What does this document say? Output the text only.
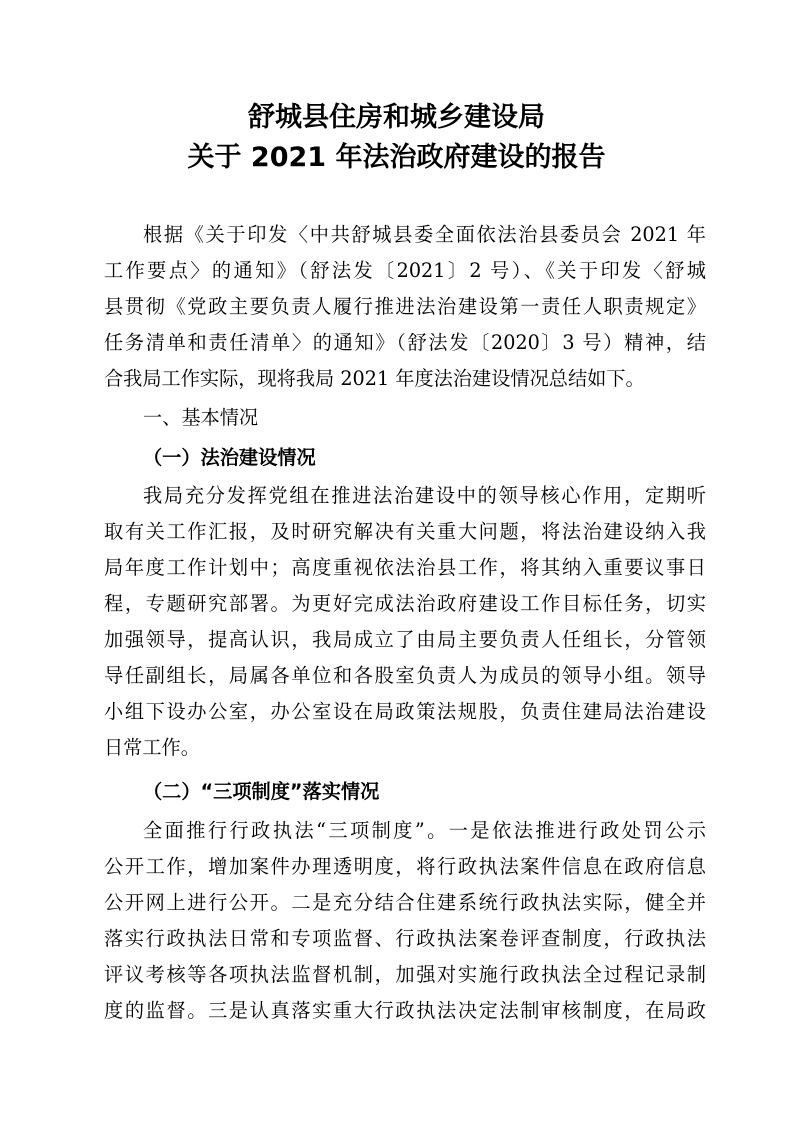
舒城县住房和城乡建设局
关于 2021 年法治政府建设的报告
根据《关于印发〈中共舒城县委全面依法治县委员会 2021 年
工作要点〉的通知》（舒法发〔2021〕2 号）、《关于印发〈舒城
县贯彻《党政主要负责人履行推进法治建设第一责任人职责规定》
任务清单和责任清单〉的通知》（舒法发〔2020〕3 号）精神，结
合我局工作实际，现将我局 2021 年度法治建设情况总结如下。
一、基本情况
（一）法治建设情况
我局充分发挥党组在推进法治建设中的领导核心作用，定期听
取有关工作汇报，及时研究解决有关重大问题，将法治建设纳入我
局年度工作计划中；高度重视依法治县工作，将其纳入重要议事日
程，专题研究部署。为更好完成法治政府建设工作目标任务，切实
加强领导，提高认识，我局成立了由局主要负责人任组长，分管领
导任副组长，局属各单位和各股室负责人为成员的领导小组。领导
小组下设办公室，办公室设在局政策法规股，负责住建局法治建设
日常工作。
（二）“三项制度”落实情况
全面推行行政执法“三项制度”。一是依法推进行政处罚公示
公开工作，增加案件办理透明度，将行政执法案件信息在政府信息
公开网上进行公开。二是充分结合住建系统行政执法实际，健全并
落实行政执法日常和专项监督、行政执法案卷评查制度，行政执法
评议考核等各项执法监督机制，加强对实施行政执法全过程记录制
度的监督。三是认真落实重大行政执法决定法制审核制度，在局政
